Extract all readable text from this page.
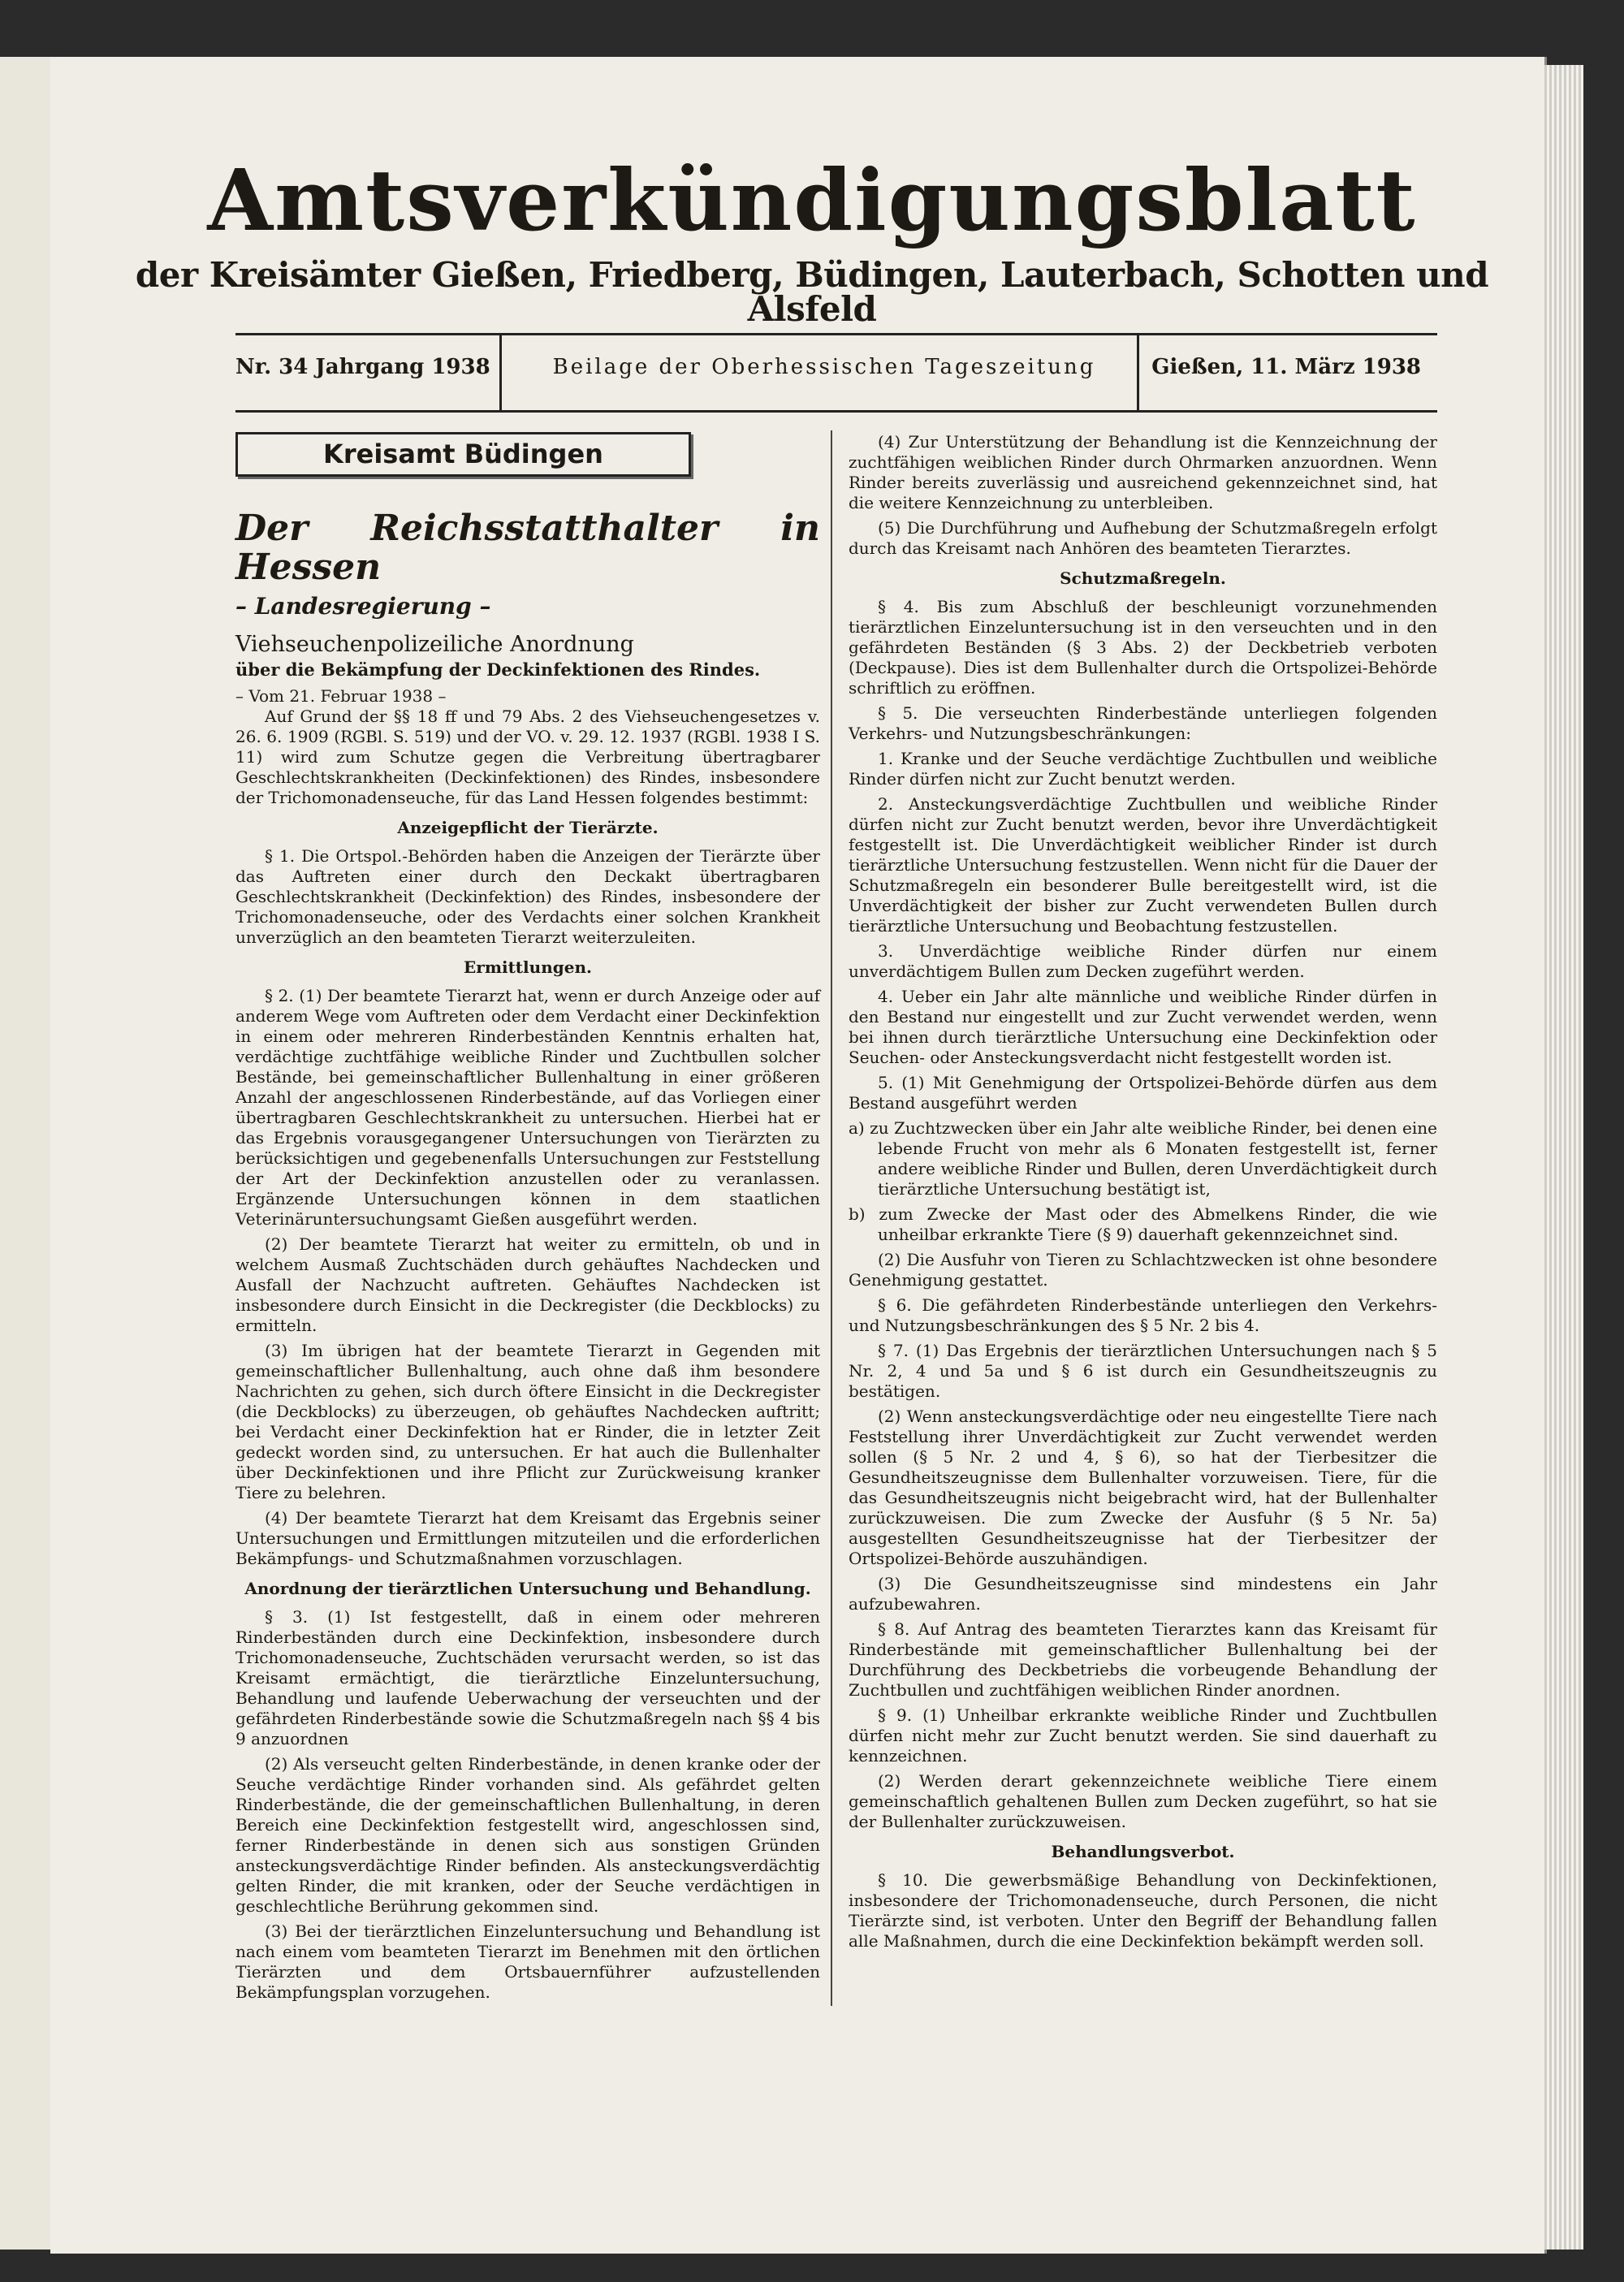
Amtsverkündigungsblatt
der Kreisämter Gießen, Friedberg, Büdingen, Lauterbach, Schotten und Alsfeld
Nr. 34 Jahrgang 1938	Beilage der Oberhessischen Tageszeitung	Gießen, 11. März 1938
Kreisamt Büdingen
Der Reichsstatthalter in Hessen
– Landesregierung –
Viehseuchenpolizeiliche Anordnung
über die Bekämpfung der Deckinfektionen des Rindes.

– Vom 21. Februar 1938 –

Auf Grund der §§ 18 ff und 79 Abs. 2 des Viehseuchengesetzes v. 26. 6. 1909 (RGBl. S. 519) und der VO. v. 29. 12. 1937 (RGBl. 1938 I S. 11) wird zum Schutze gegen die Verbreitung übertragbarer Geschlechtskrankheiten (Deckinfektionen) des Rindes, insbesondere der Trichomonadenseuche, für das Land Hessen folgendes bestimmt:

Anzeigepflicht der Tierärzte.

§ 1. Die Ortspol.-Behörden haben die Anzeigen der Tierärzte über das Auftreten einer durch den Deckakt übertragbaren Geschlechtskrankheit (Deckinfektion) des Rindes, insbesondere der Trichomonadenseuche, oder des Verdachts einer solchen Krankheit unverzüglich an den beamteten Tierarzt weiterzuleiten.

Ermittlungen.

§ 2. (1) Der beamtete Tierarzt hat, wenn er durch Anzeige oder auf anderem Wege vom Auftreten oder dem Verdacht einer Deckinfektion in einem oder mehreren Rinderbeständen Kenntnis erhalten hat, verdächtige zuchtfähige weibliche Rinder und Zuchtbullen solcher Bestände, bei gemeinschaftlicher Bullenhaltung in einer größeren Anzahl der angeschlossenen Rinderbestände, auf das Vorliegen einer übertragbaren Geschlechtskrankheit zu untersuchen. Hierbei hat er das Ergebnis vorausgegangener Untersuchungen von Tierärzten zu berücksichtigen und gegebenenfalls Untersuchungen zur Feststellung der Art der Deckinfektion anzustellen oder zu veranlassen. Ergänzende Untersuchungen können in dem staatlichen Veterinäruntersuchungsamt Gießen ausgeführt werden.

(2) Der beamtete Tierarzt hat weiter zu ermitteln, ob und in welchem Ausmaß Zuchtschäden durch gehäuftes Nachdecken und Ausfall der Nachzucht auftreten. Gehäuftes Nachdecken ist insbesondere durch Einsicht in die Deckregister (die Deckblocks) zu ermitteln.

(3) Im übrigen hat der beamtete Tierarzt in Gegenden mit gemeinschaftlicher Bullenhaltung, auch ohne daß ihm besondere Nachrichten zu gehen, sich durch öftere Einsicht in die Deckregister (die Deckblocks) zu überzeugen, ob gehäuftes Nachdecken auftritt; bei Verdacht einer Deckinfektion hat er Rinder, die in letzter Zeit gedeckt worden sind, zu untersuchen. Er hat auch die Bullenhalter über Deckinfektionen und ihre Pflicht zur Zurückweisung kranker Tiere zu belehren.

(4) Der beamtete Tierarzt hat dem Kreisamt das Ergebnis seiner Untersuchungen und Ermittlungen mitzuteilen und die erforderlichen Bekämpfungs- und Schutzmaßnahmen vorzuschlagen.

Anordnung der tierärztlichen Untersuchung und Behandlung.

§ 3. (1) Ist festgestellt, daß in einem oder mehreren Rinderbeständen durch eine Deckinfektion, insbesondere durch Trichomonadenseuche, Zuchtschäden verursacht werden, so ist das Kreisamt ermächtigt, die tierärztliche Einzeluntersuchung, Behandlung und laufende Ueberwachung der verseuchten und der gefährdeten Rinderbestände sowie die Schutzmaßregeln nach §§ 4 bis 9 anzuordnen

(2) Als verseucht gelten Rinderbestände, in denen kranke oder der Seuche verdächtige Rinder vorhanden sind. Als gefährdet gelten Rinderbestände, die der gemeinschaftlichen Bullenhaltung, in deren Bereich eine Deckinfektion festgestellt wird, angeschlossen sind, ferner Rinderbestände in denen sich aus sonstigen Gründen ansteckungsverdächtige Rinder befinden. Als ansteckungsverdächtig gelten Rinder, die mit kranken, oder der Seuche verdächtigen in geschlechtliche Berührung gekommen sind.

(3) Bei der tierärztlichen Einzeluntersuchung und Behandlung ist nach einem vom beamteten Tierarzt im Benehmen mit den örtlichen Tierärzten und dem Ortsbauernführer aufzustellenden Bekämpfungsplan vorzugehen.

(4) Zur Unterstützung der Behandlung ist die Kennzeichnung der zuchtfähigen weiblichen Rinder durch Ohrmarken anzuordnen. Wenn Rinder bereits zuverlässig und ausreichend gekennzeichnet sind, hat die weitere Kennzeichnung zu unterbleiben.

(5) Die Durchführung und Aufhebung der Schutzmaßregeln erfolgt durch das Kreisamt nach Anhören des beamteten Tierarztes.

Schutzmaßregeln.

§ 4. Bis zum Abschluß der beschleunigt vorzunehmenden tierärztlichen Einzeluntersuchung ist in den verseuchten und in den gefährdeten Beständen (§ 3 Abs. 2) der Deckbetrieb verboten (Deckpause). Dies ist dem Bullenhalter durch die Ortspolizei-Behörde schriftlich zu eröffnen.

§ 5. Die verseuchten Rinderbestände unterliegen folgenden Verkehrs- und Nutzungsbeschränkungen:

1. Kranke und der Seuche verdächtige Zuchtbullen und weibliche Rinder dürfen nicht zur Zucht benutzt werden.

2. Ansteckungsverdächtige Zuchtbullen und weibliche Rinder dürfen nicht zur Zucht benutzt werden, bevor ihre Unverdächtigkeit festgestellt ist. Die Unverdächtigkeit weiblicher Rinder ist durch tierärztliche Untersuchung festzustellen. Wenn nicht für die Dauer der Schutzmaßregeln ein besonderer Bulle bereitgestellt wird, ist die Unverdächtigkeit der bisher zur Zucht verwendeten Bullen durch tierärztliche Untersuchung und Beobachtung festzustellen.

3. Unverdächtige weibliche Rinder dürfen nur einem unverdächtigem Bullen zum Decken zugeführt werden.

4. Ueber ein Jahr alte männliche und weibliche Rinder dürfen in den Bestand nur eingestellt und zur Zucht verwendet werden, wenn bei ihnen durch tierärztliche Untersuchung eine Deckinfektion oder Seuchen- oder Ansteckungsverdacht nicht festgestellt worden ist.

5. (1) Mit Genehmigung der Ortspolizei-Behörde dürfen aus dem Bestand ausgeführt werden

a) zu Zuchtzwecken über ein Jahr alte weibliche Rinder, bei denen eine lebende Frucht von mehr als 6 Monaten festgestellt ist, ferner andere weibliche Rinder und Bullen, deren Unverdächtigkeit durch tierärztliche Untersuchung bestätigt ist,
b) zum Zwecke der Mast oder des Abmelkens Rinder, die wie unheilbar erkrankte Tiere (§ 9) dauerhaft gekennzeichnet sind.

(2) Die Ausfuhr von Tieren zu Schlachtzwecken ist ohne besondere Genehmigung gestattet.

§ 6. Die gefährdeten Rinderbestände unterliegen den Verkehrs- und Nutzungsbeschränkungen des § 5 Nr. 2 bis 4.

§ 7. (1) Das Ergebnis der tierärztlichen Untersuchungen nach § 5 Nr. 2, 4 und 5a und § 6 ist durch ein Gesundheitszeugnis zu bestätigen.

(2) Wenn ansteckungsverdächtige oder neu eingestellte Tiere nach Feststellung ihrer Unverdächtigkeit zur Zucht verwendet werden sollen (§ 5 Nr. 2 und 4, § 6), so hat der Tierbesitzer die Gesundheitszeugnisse dem Bullenhalter vorzuweisen. Tiere, für die das Gesundheitszeugnis nicht beigebracht wird, hat der Bullenhalter zurückzuweisen. Die zum Zwecke der Ausfuhr (§ 5 Nr. 5a) ausgestellten Gesundheitszeugnisse hat der Tierbesitzer der Ortspolizei-Behörde auszuhändigen.

(3) Die Gesundheitszeugnisse sind mindestens ein Jahr aufzubewahren.

§ 8. Auf Antrag des beamteten Tierarztes kann das Kreisamt für Rinderbestände mit gemeinschaftlicher Bullenhaltung bei der Durchführung des Deckbetriebs die vorbeugende Behandlung der Zuchtbullen und zuchtfähigen weiblichen Rinder anordnen.

§ 9. (1) Unheilbar erkrankte weibliche Rinder und Zuchtbullen dürfen nicht mehr zur Zucht benutzt werden. Sie sind dauerhaft zu kennzeichnen.

(2) Werden derart gekennzeichnete weibliche Tiere einem gemeinschaftlich gehaltenen Bullen zum Decken zugeführt, so hat sie der Bullenhalter zurückzuweisen.

Behandlungsverbot.

§ 10. Die gewerbsmäßige Behandlung von Deckinfektionen, insbesondere der Trichomonadenseuche, durch Personen, die nicht Tierärzte sind, ist verboten. Unter den Begriff der Behandlung fallen alle Maßnahmen, durch die eine Deckinfektion bekämpft werden soll.
